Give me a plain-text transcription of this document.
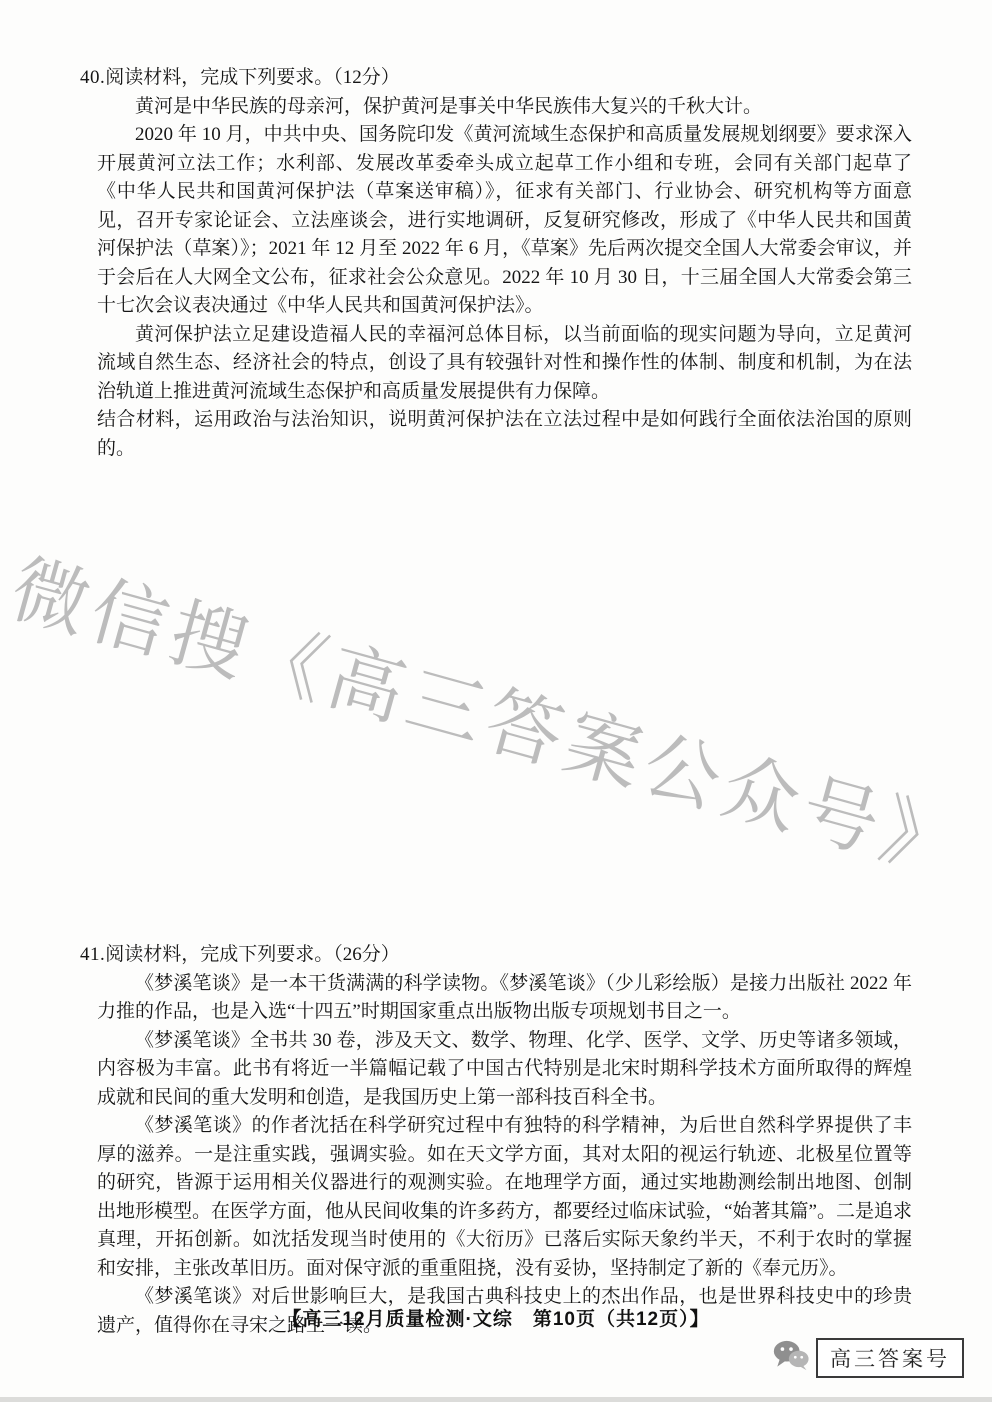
微信搜《高三答案公众号》

40.阅读材料，完成下列要求。（12分）

黄河是中华民族的母亲河，保护黄河是事关中华民族伟大复兴的千秋大计。

2020 年 10 月，中共中央、国务院印发《黄河流域生态保护和高质量发展规划纲要》要求深入开展黄河立法工作；水利部、发展改革委牵头成立起草工作小组和专班，会同有关部门起草了《中华人民共和国黄河保护法（草案送审稿）》，征求有关部门、行业协会、研究机构等方面意见，召开专家论证会、立法座谈会，进行实地调研，反复研究修改，形成了《中华人民共和国黄河保护法（草案）》；2021 年 12 月至 2022 年 6 月，《草案》先后两次提交全国人大常委会审议，并于会后在人大网全文公布，征求社会公众意见。2022 年 10 月 30 日，十三届全国人大常委会第三十七次会议表决通过《中华人民共和国黄河保护法》。

黄河保护法立足建设造福人民的幸福河总体目标，以当前面临的现实问题为导向，立足黄河流域自然生态、经济社会的特点，创设了具有较强针对性和操作性的体制、制度和机制，为在法治轨道上推进黄河流域生态保护和高质量发展提供有力保障。

结合材料，运用政治与法治知识，说明黄河保护法在立法过程中是如何践行全面依法治国的原则的。

41.阅读材料，完成下列要求。（26分）

《梦溪笔谈》是一本干货满满的科学读物。《梦溪笔谈》（少儿彩绘版）是接力出版社 2022 年力推的作品，也是入选“十四五”时期国家重点出版物出版专项规划书目之一。

《梦溪笔谈》全书共 30 卷，涉及天文、数学、物理、化学、医学、文学、历史等诸多领域，内容极为丰富。此书有将近一半篇幅记载了中国古代特别是北宋时期科学技术方面所取得的辉煌成就和民间的重大发明和创造，是我国历史上第一部科技百科全书。

《梦溪笔谈》的作者沈括在科学研究过程中有独特的科学精神，为后世自然科学界提供了丰厚的滋养。一是注重实践，强调实验。如在天文学方面，其对太阳的视运行轨迹、北极星位置等的研究，皆源于运用相关仪器进行的观测实验。在地理学方面，通过实地勘测绘制出地图、创制出地形模型。在医学方面，他从民间收集的许多药方，都要经过临床试验，“始著其篇”。二是追求真理，开拓创新。如沈括发现当时使用的《大衍历》已落后实际天象约半天，不利于农时的掌握和安排，主张改革旧历。面对保守派的重重阻挠，没有妥协，坚持制定了新的《奉元历》。

《梦溪笔谈》对后世影响巨大，是我国古典科技史上的杰出作品，也是世界科技史中的珍贵遗产，值得你在寻宋之路上一读。

【高三12月质量检测·文综　第10页（共12页）】
高三答案号
